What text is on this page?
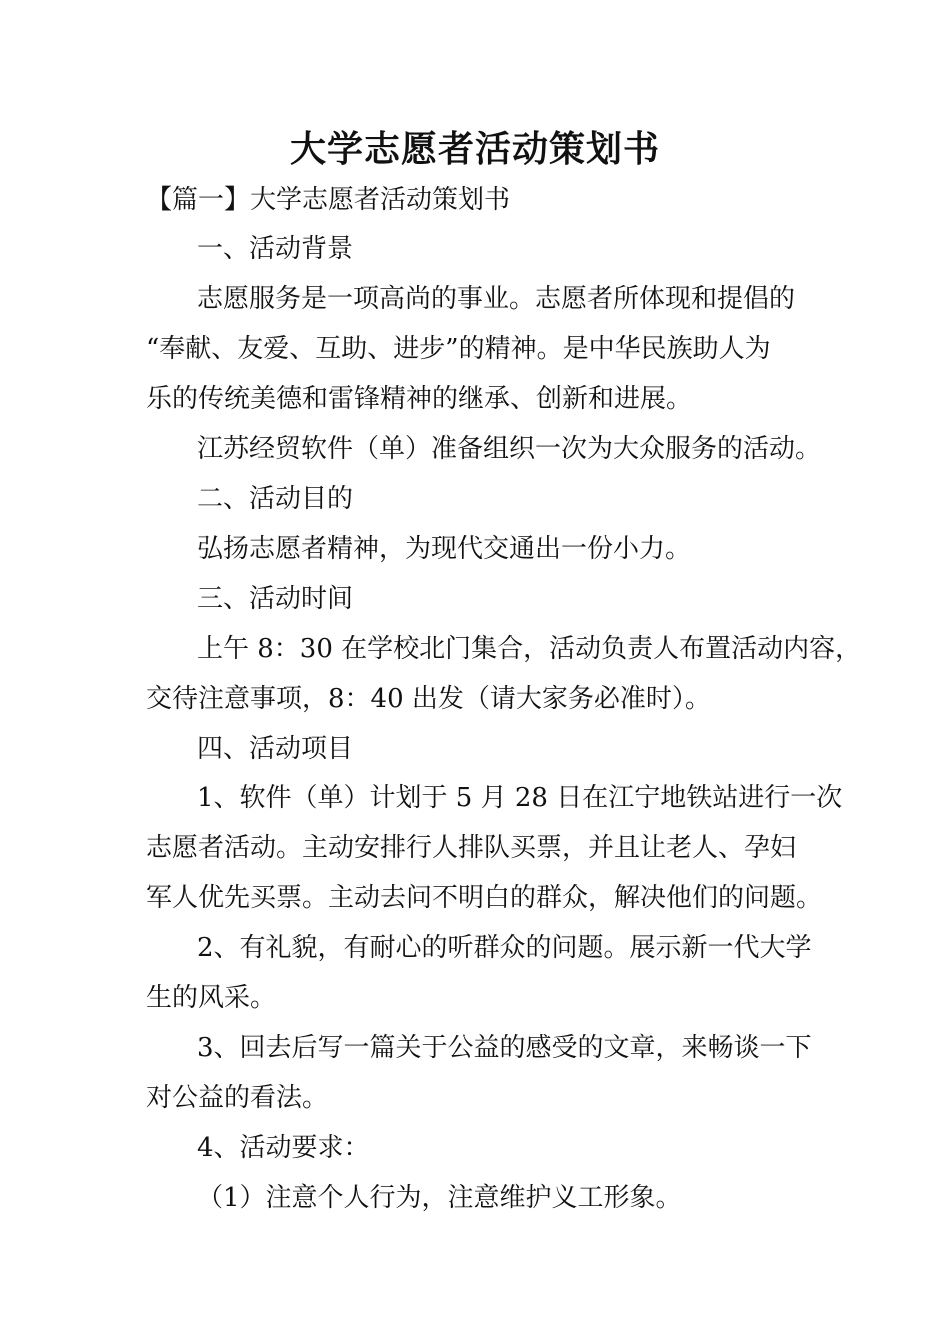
大学志愿者活动策划书
【篇一】大学志愿者活动策划书
一、活动背景
志愿服务是一项高尚的事业。志愿者所体现和提倡的
“奉献、友爱、互助、进步”的精神。是中华民族助人为
乐的传统美德和雷锋精神的继承、创新和进展。
江苏经贸软件（单）准备组织一次为大众服务的活动。
二、活动目的
弘扬志愿者精神，为现代交通出一份小力。
三、活动时间
上午 8：30 在学校北门集合，活动负责人布置活动内容，
交待注意事项，8：40 出发（请大家务必准时）。
四、活动项目
1、软件（单）计划于 5 月 28 日在江宁地铁站进行一次
志愿者活动。主动安排行人排队买票，并且让老人、孕妇
军人优先买票。主动去问不明白的群众，解决他们的问题。
2、有礼貌，有耐心的听群众的问题。展示新一代大学
生的风采。
3、回去后写一篇关于公益的感受的文章，来畅谈一下
对公益的看法。
4、活动要求：
（1）注意个人行为，注意维护义工形象。
